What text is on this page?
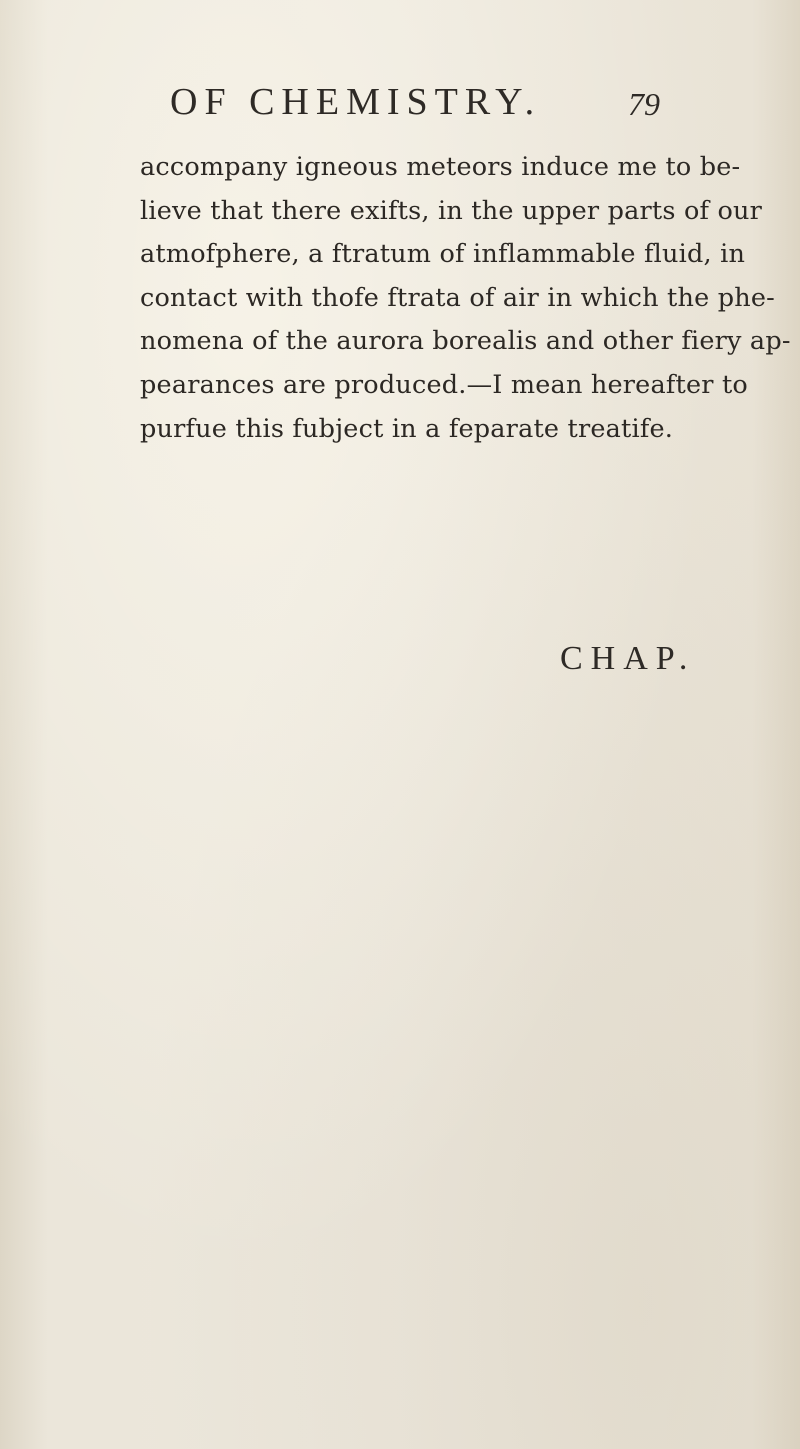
OF CHEMISTRY.	79
accompany igneous meteors induce me to be-
lieve that there exifts, in the upper parts of our
atmofphere, a ftratum of inflammable fluid, in
contact with thofe ftrata of air in which the phe-
nomena of the aurora borealis and other fiery ap-
pearances are produced.—I mean hereafter to
purfue this fubject in a feparate treatife.
CHAP.
